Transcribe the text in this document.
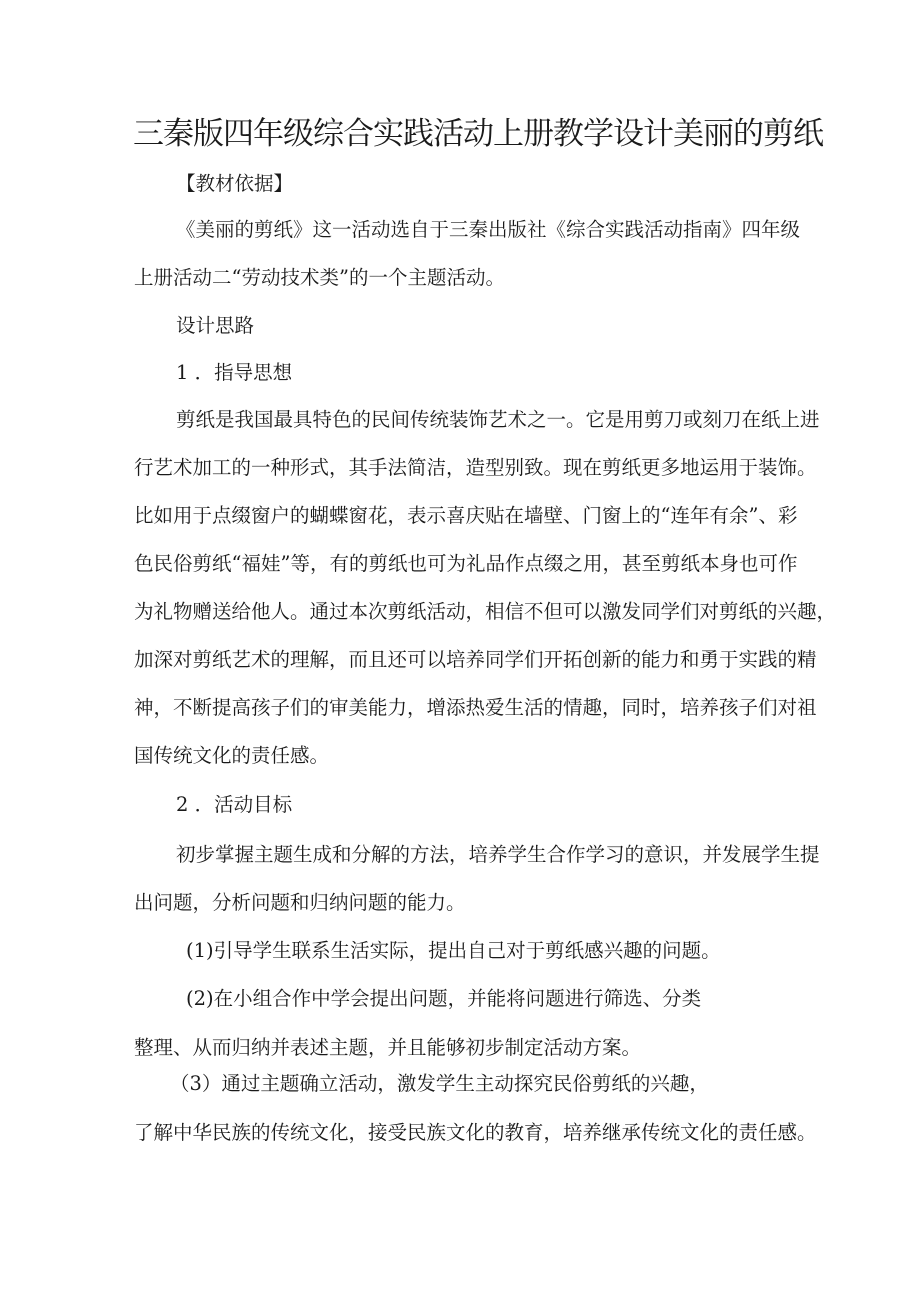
三秦版四年级综合实践活动上册教学设计美丽的剪纸
【教材依据】
《美丽的剪纸》这一活动选自于三秦出版社《综合实践活动指南》四年级
上册活动二“劳动技术类”的一个主题活动。
设计思路
1 ．指导思想
剪纸是我国最具特色的民间传统装饰艺术之一。它是用剪刀或刻刀在纸上进
行艺术加工的一种形式，其手法简洁，造型别致。现在剪纸更多地运用于装饰。
比如用于点缀窗户的蝴蝶窗花，表示喜庆贴在墙壁、门窗上的“连年有余”、彩
色民俗剪纸“福娃”等，有的剪纸也可为礼品作点缀之用，甚至剪纸本身也可作
为礼物赠送给他人。通过本次剪纸活动，相信不但可以激发同学们对剪纸的兴趣，
加深对剪纸艺术的理解，而且还可以培养同学们开拓创新的能力和勇于实践的精
神，不断提高孩子们的审美能力，增添热爱生活的情趣，同时，培养孩子们对祖
国传统文化的责任感。
2 ．活动目标
初步掌握主题生成和分解的方法，培养学生合作学习的意识，并发展学生提
出问题，分析问题和归纳问题的能力。
(1)引导学生联系生活实际，提出自己对于剪纸感兴趣的问题。
(2)在小组合作中学会提出问题，并能将问题进行筛选、分类
整理、从而归纳并表述主题，并且能够初步制定活动方案。
（3）通过主题确立活动，激发学生主动探究民俗剪纸的兴趣，
了解中华民族的传统文化，接受民族文化的教育，培养继承传统文化的责任感。
